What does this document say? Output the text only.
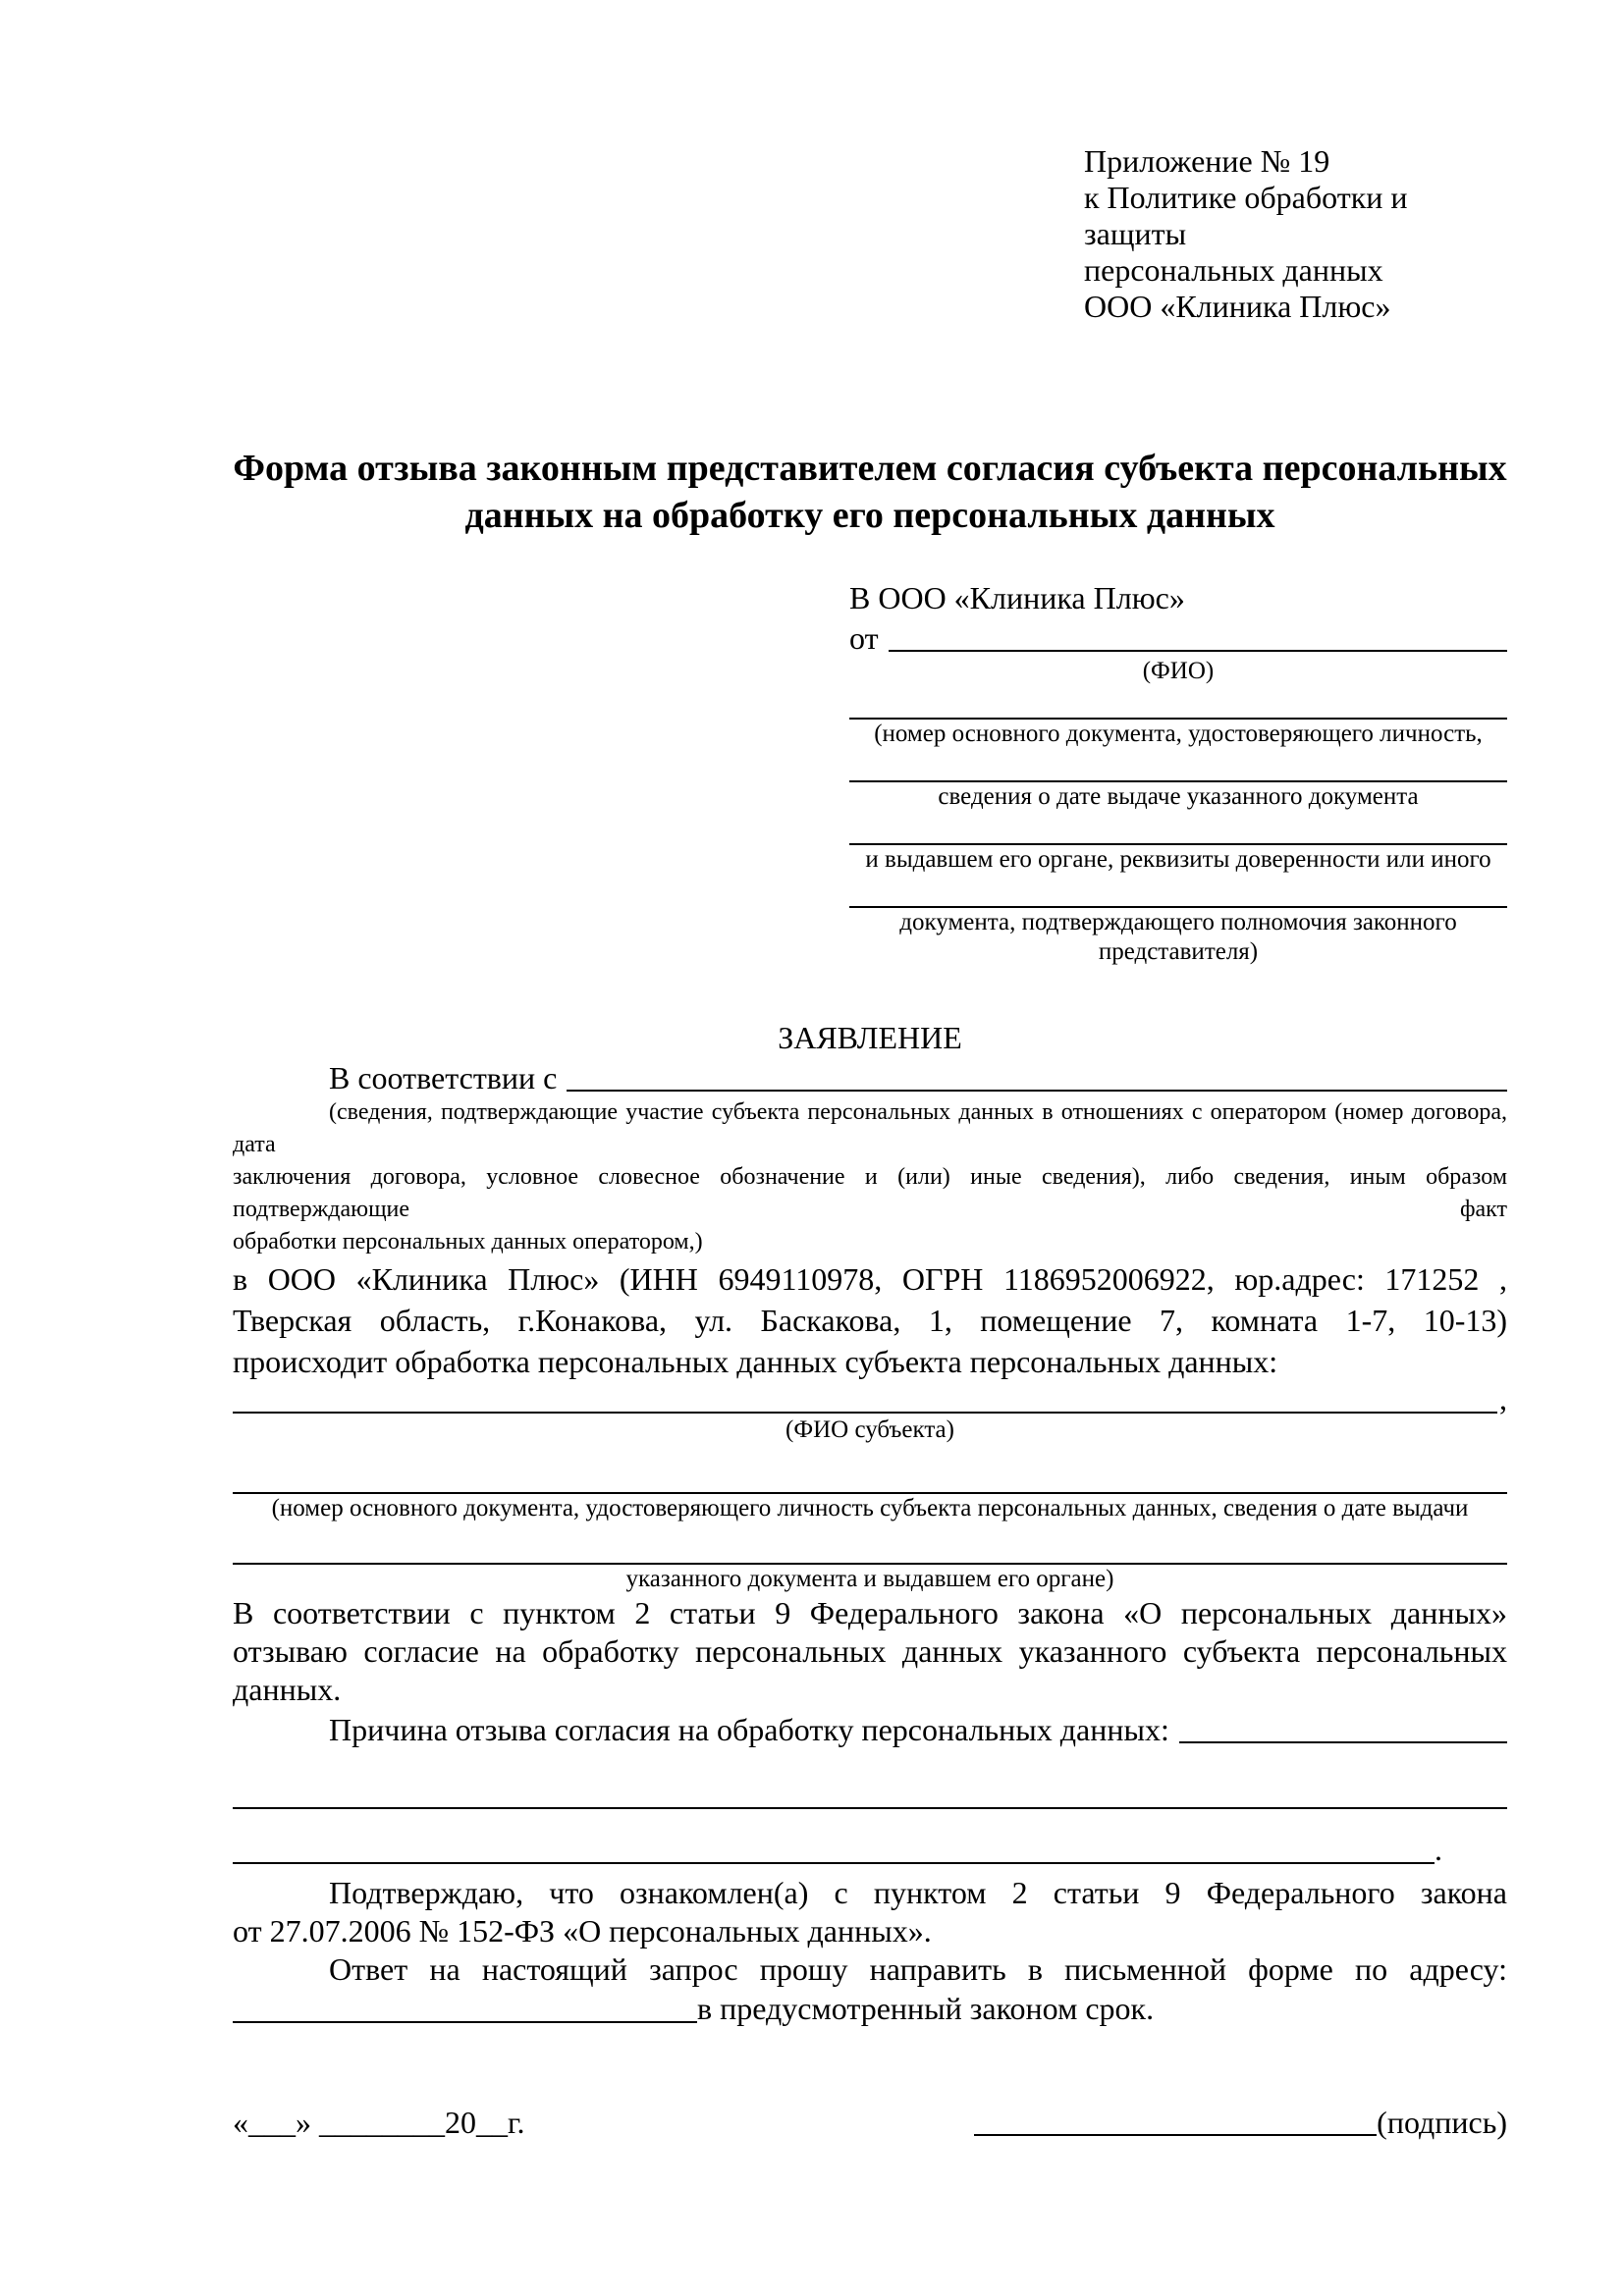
Приложение № 19
к Политике обработки и защиты
персональных данных
ООО «Клиника Плюс»
Форма отзыва законным представителем согласия субъекта персональных данных на обработку его персональных данных
В ООО «Клиника Плюс»
от
(ФИО)
(номер основного документа, удостоверяющего личность,
сведения о дате выдаче указанного документа
и выдавшем его органе, реквизиты доверенности или иного
документа, подтверждающего полномочия законного представителя)
ЗАЯВЛЕНИЕ
В соответствии с
(сведения, подтверждающие участие субъекта персональных данных в отношениях с оператором (номер договора, дата
заключения договора, условное словесное обозначение и (или) иные сведения), либо сведения, иным образом подтверждающие факт
обработки персональных данных оператором,)
в ООО «Клиника Плюс» (ИНН 6949110978, ОГРН 1186952006922, юр.адрес: 171252 ,
Тверская область, г.Конакова, ул. Баскакова, 1, помещение 7, комната 1-7, 10-13)
происходит обработка персональных данных субъекта персональных данных:
,
(ФИО субъекта)
(номер основного документа, удостоверяющего личность субъекта персональных данных, сведения о дате выдачи
указанного документа и выдавшем его органе)
В соответствии с пунктом 2 статьи 9 Федерального закона «О персональных данных»
отзываю согласие на обработку персональных данных указанного субъекта персональных
данных.
Причина отзыва согласия на обработку персональных данных:
.
Подтверждаю, что ознакомлен(а) с пунктом 2 статьи 9 Федерального закона
от 27.07.2006 № 152-ФЗ «О персональных данных».
Ответ на настоящий запрос прошу направить в письменной форме по адресу:
в предусмотренный законом срок.
«___» ________20__г.	(подпись)
